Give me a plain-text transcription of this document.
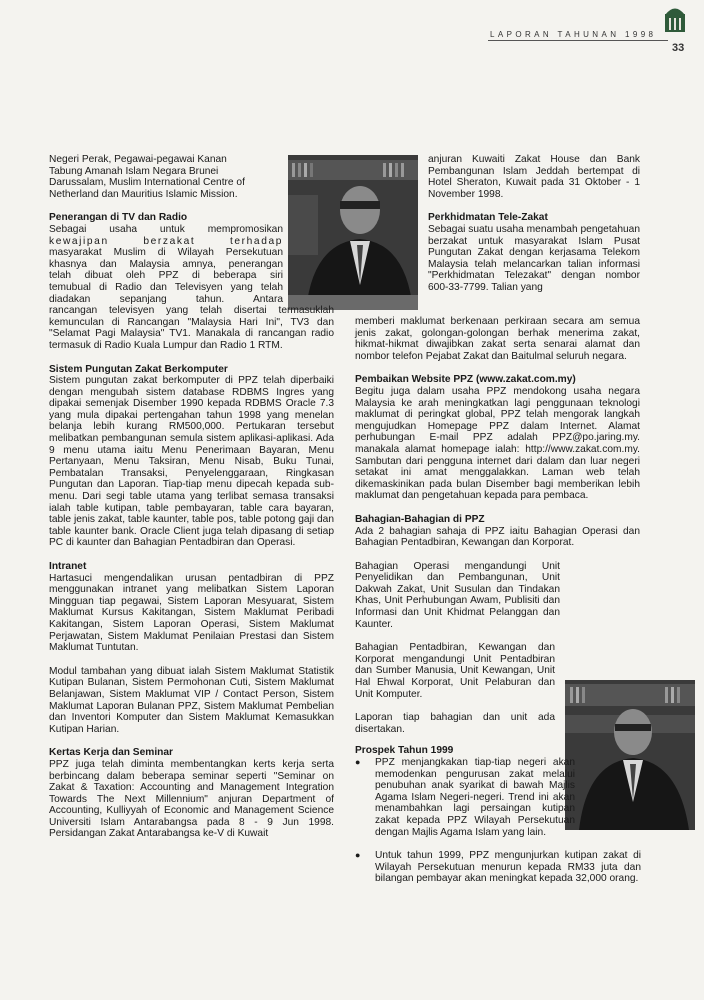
LAPORAN TAHUNAN 1998
33
Negeri Perak, Pegawai-pegawai Kanan
Tabung Amanah Islam Negara Brunei
Darussalam, Muslim International Centre of
Netherland dan Mauritius Islamic Mission.
Penerangan di TV dan Radio
Sebagai usaha untuk mempromosikan
kewajipan berzakat terhadap
masyarakat Muslim di Wilayah Persekutuan
khasnya dan Malaysia amnya, penerangan
telah dibuat oleh PPZ di beberapa siri
temubual di Radio dan Televisyen yang telah
diadakan sepanjang tahun. Antara

rancangan televisyen yang telah disertai termasuklah kemunculan di Rancangan "Malaysia Hari Ini", TV3 dan "Selamat Pagi Malaysia" TV1. Manakala di rancangan radio termasuk di Radio Kuala Lumpur dan Radio 1 RTM.

Sistem Pungutan Zakat Berkomputer

Sistem pungutan zakat berkomputer di PPZ telah diperbaiki dengan mengubah sistem database RDBMS Ingres yang dipakai semenjak Disember 1990 kepada RDBMS Oracle 7.3 yang mula dipakai pertengahan tahun 1998 yang menelan belanja lebih kurang RM500,000. Pertukaran tersebut melibatkan pembangunan semula sistem aplikasi-aplikasi. Ada 9 menu utama iaitu Menu Penerimaan Bayaran, Menu Pertanyaan, Menu Taksiran, Menu Nisab, Buku Tunai, Pembatalan Transaksi, Penyelenggaraan, Ringkasan Pungutan dan Laporan. Tiap-tiap menu dipecah kepada sub-menu. Dari segi table utama yang terlibat semasa transaksi ialah table kutipan, table pembayaran, table cara bayaran, table jenis zakat, table kaunter, table pos, table potong gaji dan table kaunter bank. Oracle Client juga telah dipasang di setiap PC di kaunter dan Bahagian Pentadbiran dan Operasi.

Intranet

Hartasuci mengendalikan urusan pentadbiran di PPZ menggunakan intranet yang melibatkan Sistem Laporan Mingguan tiap pegawai, Sistem Laporan Mesyuarat, Sistem Maklumat Kursus Kakitangan, Sistem Maklumat Peribadi Kakitangan, Sistem Laporan Operasi, Sistem Maklumat Perjawatan, Sistem Maklumat Penilaian Prestasi dan Sistem Maklumat Tuntutan.

Modul tambahan yang dibuat ialah Sistem Maklumat Statistik Kutipan Bulanan, Sistem Permohonan Cuti, Sistem Maklumat Belanjawan, Sistem Maklumat VIP / Contact Person, Sistem Maklumat Laporan Bulanan PPZ, Sistem Maklumat Pembelian dan Inventori Komputer dan Sistem Maklumat Kemasukkan Kutipan Harian.

Kertas Kerja dan Seminar

PPZ juga telah diminta membentangkan kerts kerja serta berbincang dalam beberapa seminar seperti "Seminar on Zakat & Taxation: Accounting and Management Integration Towards The Next Millennium" anjuran Department of Accounting, Kulliyyah of Economic and Management Science Universiti Islam Antarabangsa pada 8 - 9 Jun 1998. Persidangan Zakat Antarabangsa ke-V di Kuwait

anjuran Kuwaiti Zakat House dan Bank Pembangunan Islam Jeddah bertempat di Hotel Sheraton, Kuwait pada 31 Oktober - 1 November 1998.

Perkhidmatan Tele-Zakat

Sebagai suatu usaha menambah pengetahuan berzakat untuk masyarakat Islam Pusat Pungutan Zakat dengan kerjasama Telekom Malaysia telah melancarkan talian informasi "Perkhidmatan Telezakat" dengan nombor 600-33-7799. Talian yang

memberi maklumat berkenaan perkiraan secara am semua jenis zakat, golongan-golongan berhak menerima zakat, hikmat-hikmat diwajibkan zakat serta senarai alamat dan nombor telefon Pejabat Zakat dan Baitulmal seluruh negara.

Pembaikan Website PPZ (www.zakat.com.my)

Begitu juga dalam usaha PPZ mendokong usaha negara Malaysia ke arah meningkatkan lagi penggunaan teknologi maklumat di peringkat global, PPZ telah mengorak langkah mengujudkan Homepage PPZ dalam Internet. Alamat perhubungan E-mail PPZ adalah PPZ@po.jaring.my. manakala alamat homepage ialah: http://www.zakat.com.my. Sambutan dari pengguna internet dari dalam dan luar negeri setakat ini amat menggalakkan. Laman web telah dikemaskinikan pada bulan Disember bagi memberikan lebih maklumat dan pengetahuan kepada para pembaca.

Bahagian-Bahagian di PPZ

Ada 2 bahagian sahaja di PPZ iaitu Bahagian Operasi dan Bahagian Pentadbiran, Kewangan dan Korporat.

Bahagian Operasi mengandungi Unit Penyelidikan dan Pembangunan, Unit Dakwah Zakat, Unit Susulan dan Tindakan Khas, Unit Perhubungan Awam, Publisiti dan Informasi dan Unit Khidmat Pelanggan dan Kaunter.

Bahagian Pentadbiran, Kewangan dan Korporat mengandungi Unit Pentadbiran dan Sumber Manusia, Unit Kewangan, Unit Hal Ehwal Korporat, Unit Pelaburan dan Unit Komputer.

Laporan tiap bahagian dan unit ada disertakan.

Prospek Tahun 1999
● PPZ menjangkakan tiap-tiap negeri akan memodenkan pengurusan zakat melalui penubuhan anak syarikat di bawah Majlis Agama Islam Negeri-negeri. Trend ini akan menambahkan lagi persaingan kutipan zakat kepada PPZ Wilayah Persekutuan dengan Majlis Agama Islam yang lain.
● Untuk tahun 1999, PPZ mengunjurkan kutipan zakat di Wilayah Persekutuan menurun kepada RM33 juta dan bilangan pembayar akan meningkat kepada 32,000 orang.
